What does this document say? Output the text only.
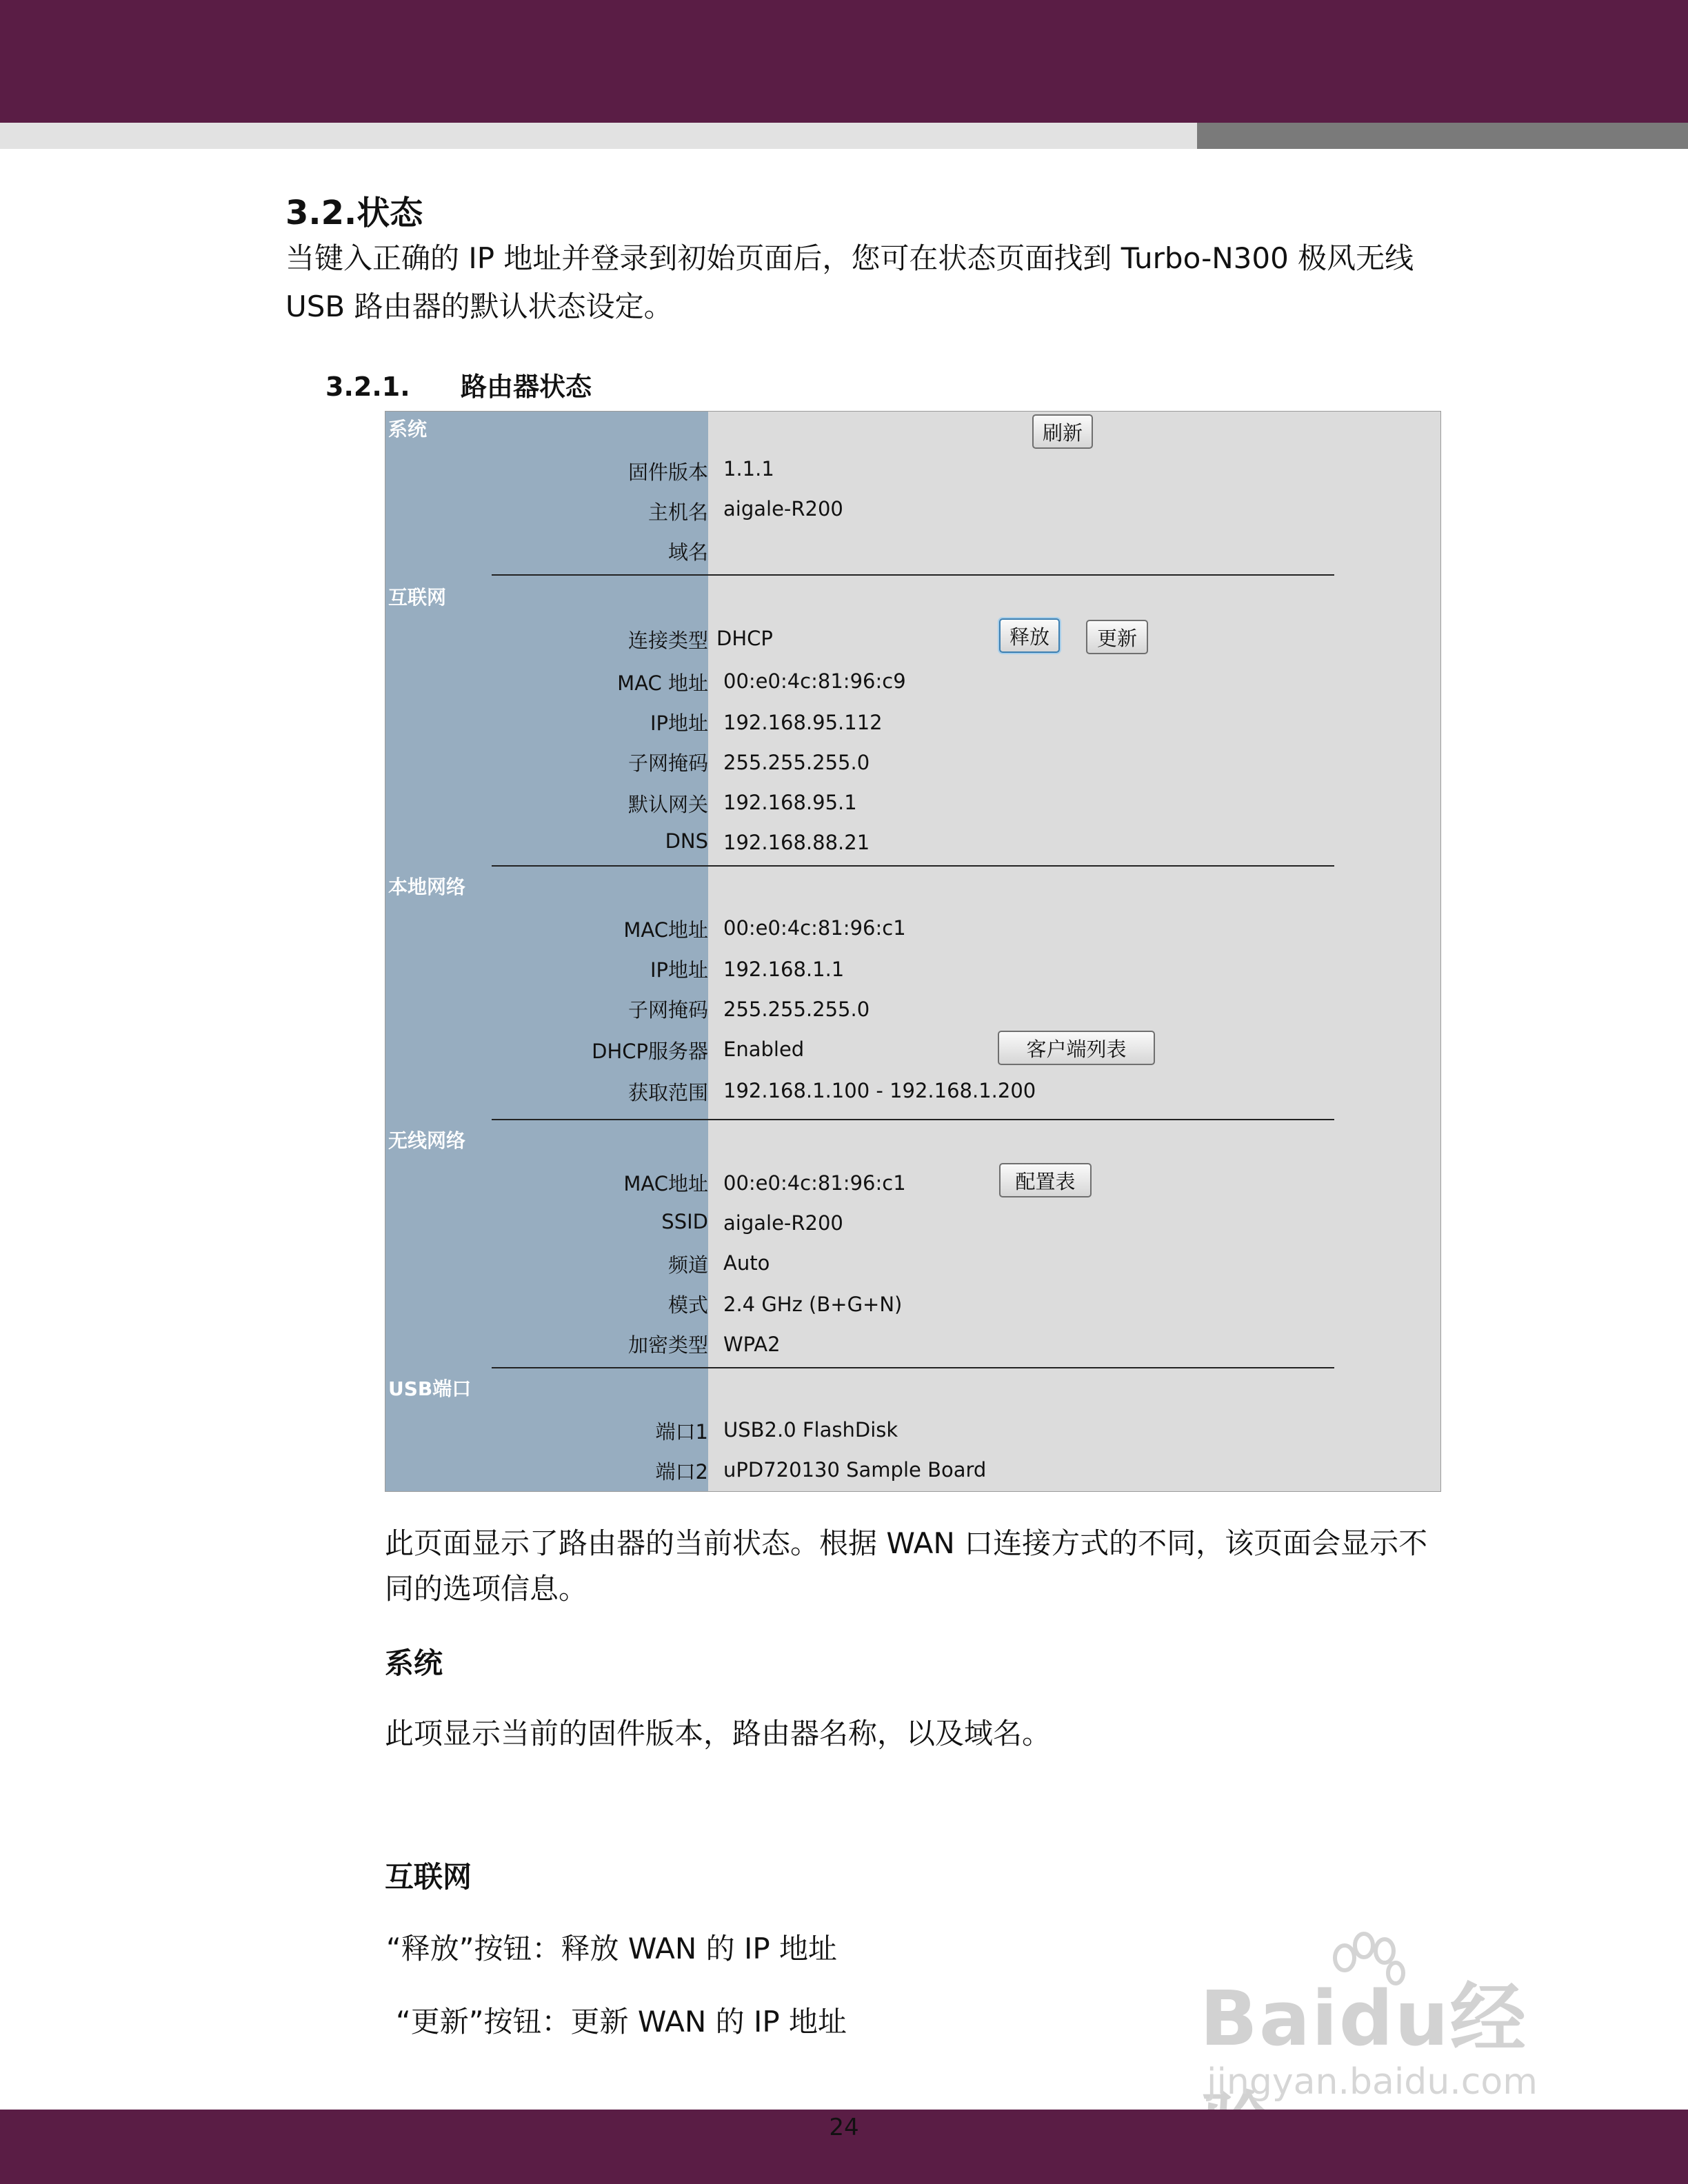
3.2.状态
当键入正确的 IP 地址并登录到初始页面后，您可在状态页面找到 Turbo-N300 极风无线 USB 路由器的默认状态设定。
3.2.1. 路由器状态
系统	刷新
固件版本 1.1.1
主机名 aigale-R200
域名
互联网
连接类型 DHCP	释放	更新
MAC 地址 00:e0:4c:81:96:c9
IP地址 192.168.95.112
子网掩码 255.255.255.0
默认网关 192.168.95.1
DNS 192.168.88.21
本地网络
MAC地址 00:e0:4c:81:96:c1
IP地址 192.168.1.1
子网掩码 255.255.255.0
DHCP服务器 Enabled	客户端列表
获取范围 192.168.1.100 - 192.168.1.200
无线网络
MAC地址 00:e0:4c:81:96:c1	配置表
SSID aigale-R200
频道 Auto
模式 2.4 GHz (B+G+N)
加密类型 WPA2
USB端口
端口1 USB2.0 FlashDisk
端口2 uPD720130 Sample Board
此页面显示了路由器的当前状态。根据 WAN 口连接方式的不同，该页面会显示不同的选项信息。
系统
此项显示当前的固件版本，路由器名称，以及域名。
互联网
“释放”按钮：释放 WAN 的 IP 地址
“更新”按钮：更新 WAN 的 IP 地址	Baidu经
jingyan.baidu.com
24
